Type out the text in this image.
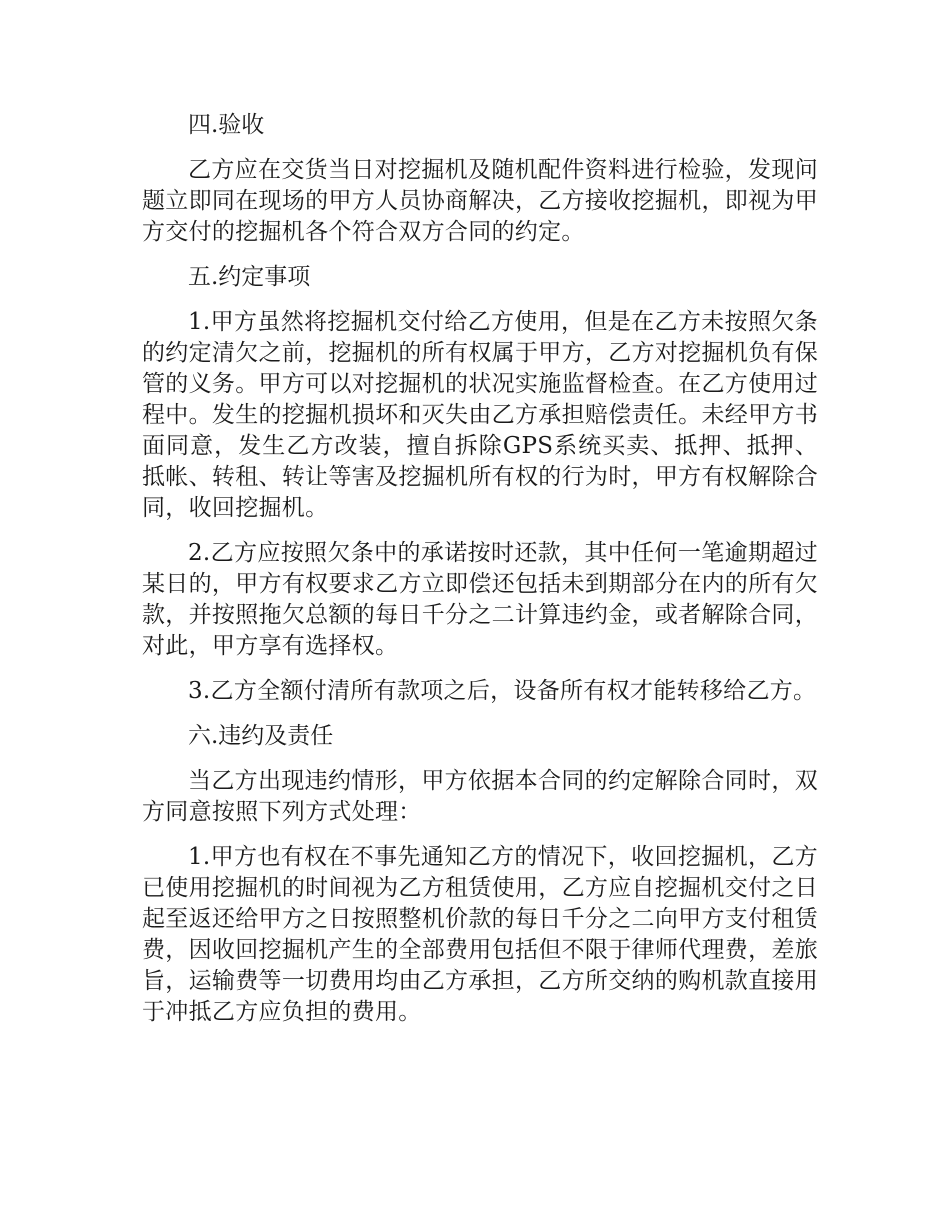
四.验收

乙方应在交货当日对挖掘机及随机配件资料进行检验，发现问题立即同在现场的甲方人员协商解决，乙方接收挖掘机，即视为甲方交付的挖掘机各个符合双方合同的约定。

五.约定事项

1.甲方虽然将挖掘机交付给乙方使用，但是在乙方未按照欠条的约定清欠之前，挖掘机的所有权属于甲方，乙方对挖掘机负有保管的义务。甲方可以对挖掘机的状况实施监督检查。在乙方使用过程中。发生的挖掘机损坏和灭失由乙方承担赔偿责任。未经甲方书面同意，发生乙方改装，擅自拆除GPS系统买卖、抵押、抵押、抵帐、转租、转让等害及挖掘机所有权的行为时，甲方有权解除合同，收回挖掘机。

2.乙方应按照欠条中的承诺按时还款，其中任何一笔逾期超过某日的，甲方有权要求乙方立即偿还包括未到期部分在内的所有欠款，并按照拖欠总额的每日千分之二计算违约金，或者解除合同，对此，甲方享有选择权。

3.乙方全额付清所有款项之后，设备所有权才能转移给乙方。

六.违约及责任

当乙方出现违约情形，甲方依据本合同的约定解除合同时，双方同意按照下列方式处理：

1.甲方也有权在不事先通知乙方的情况下，收回挖掘机，乙方已使用挖掘机的时间视为乙方租赁使用，乙方应自挖掘机交付之日起至返还给甲方之日按照整机价款的每日千分之二向甲方支付租赁费，因收回挖掘机产生的全部费用包括但不限于律师代理费，差旅旨，运输费等一切费用均由乙方承担，乙方所交纳的购机款直接用于冲抵乙方应负担的费用。
